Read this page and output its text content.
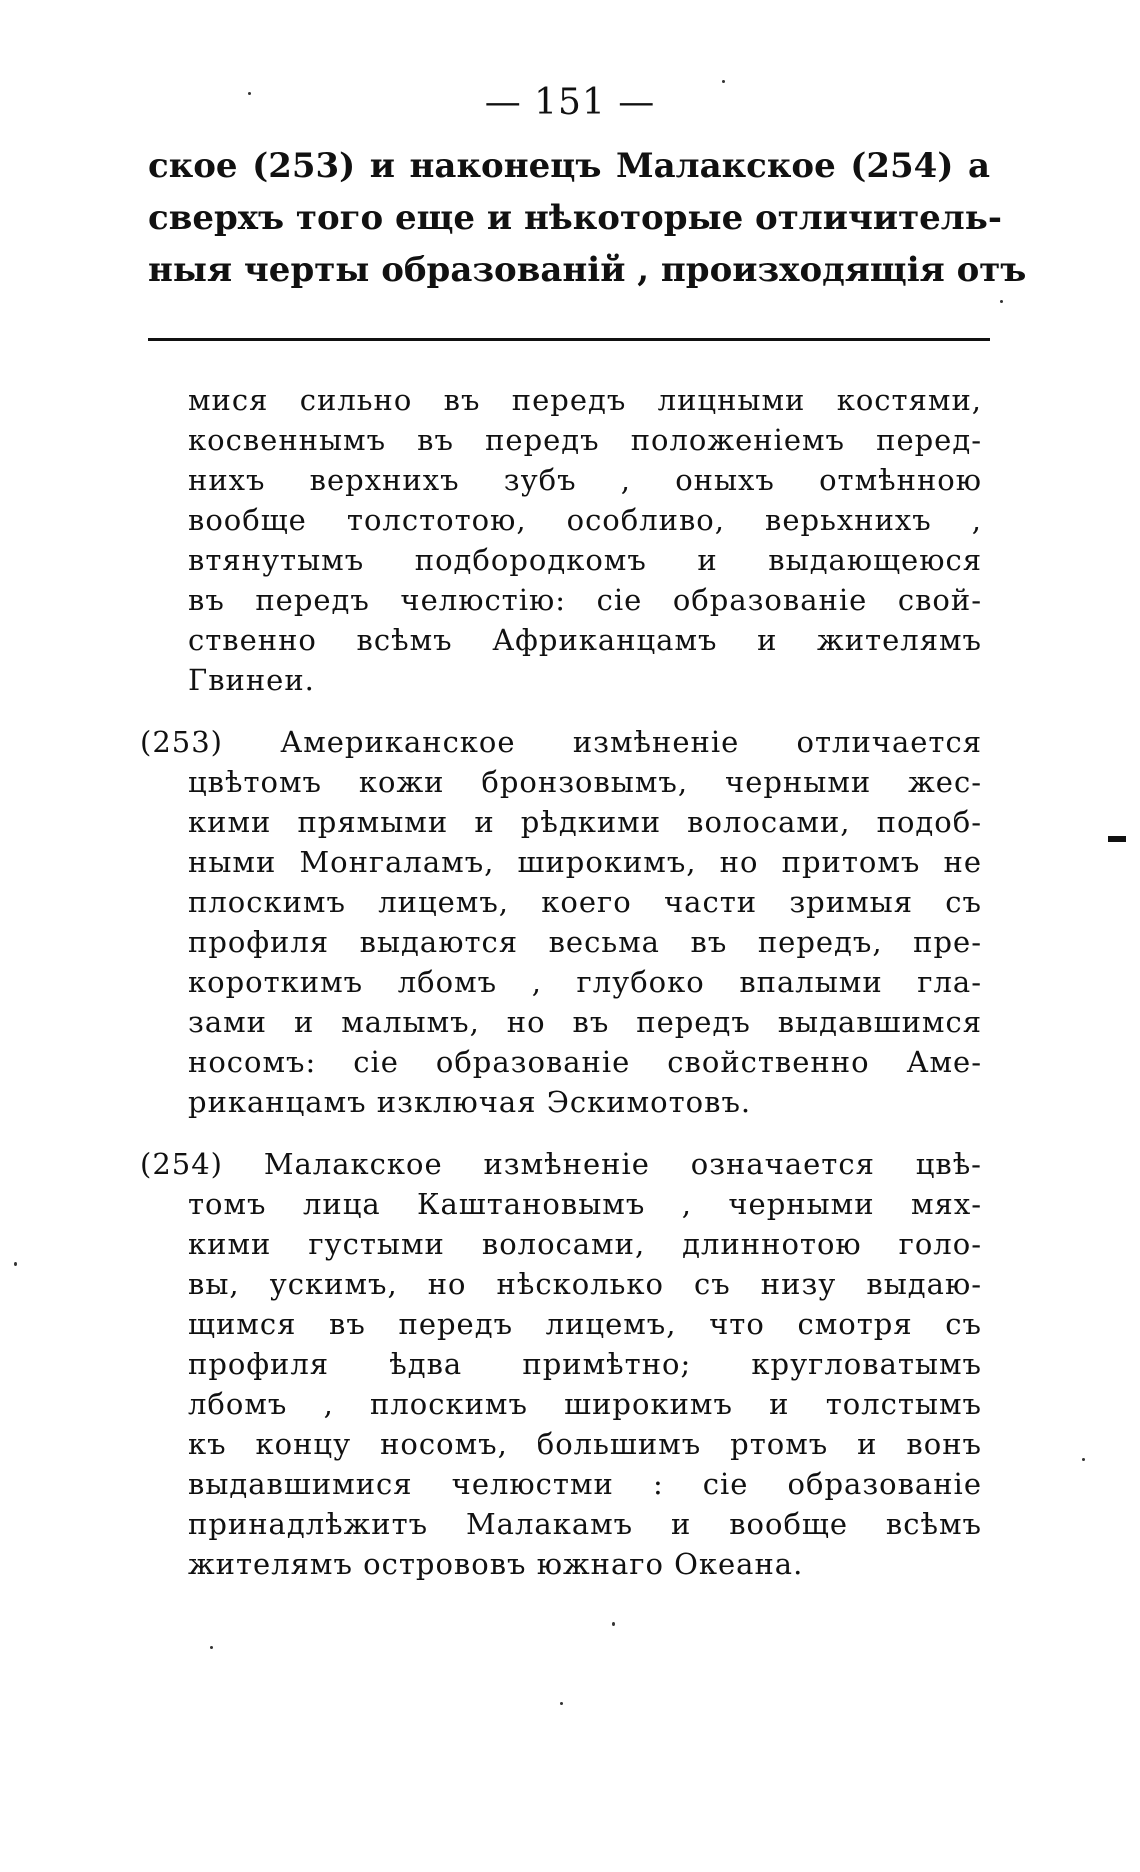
— 151 —
ское (253) и наконецъ Малакское (254) а
сверхъ того еще и нѣкоторые отличитель-
ныя черты образованій , произходящія отъ
мися сильно въ передъ лицными костями,
косвеннымъ въ передъ положеніемъ перед-
нихъ верхнихъ зубъ , оныхъ отмѣнною
вообще толстотою, особливо, верьхнихъ ,
втянутымъ подбородкомъ и выдающеюся
въ передъ челюстію: сіе образованіе свой-
ственно всѣмъ Африканцамъ и жителямъ
Гвинеи.
(253) Американское измѣненіе отличается
цвѣтомъ кожи бронзовымъ, черными жес-
кими прямыми и рѣдкими волосами, подоб-
ными Монгаламъ, широкимъ, но притомъ не
плоскимъ лицемъ, коего части зримыя съ
профиля выдаются весьма въ передъ, пре-
короткимъ лбомъ , глубоко впалыми гла-
зами и малымъ, но въ передъ выдавшимся
носомъ: сіе образованіе свойственно Аме-
риканцамъ изключая Эскимотовъ.
(254) Малакское измѣненіе означается цвѣ-
томъ лица Каштановымъ , черными мях-
кими густыми волосами, длиннотою голо-
вы, ускимъ, но нѣсколько съ низу выдаю-
щимся въ передъ лицемъ, что смотря съ
профиля ѣдва примѣтно; кругловатымъ
лбомъ , плоскимъ широкимъ и толстымъ
къ концу носомъ, большимъ ртомъ и вонъ
выдавшимися челюстми : сіе образованіе
принадлѣжитъ Малакамъ и вообще всѣмъ
жителямъ острововъ южнаго Океана.
